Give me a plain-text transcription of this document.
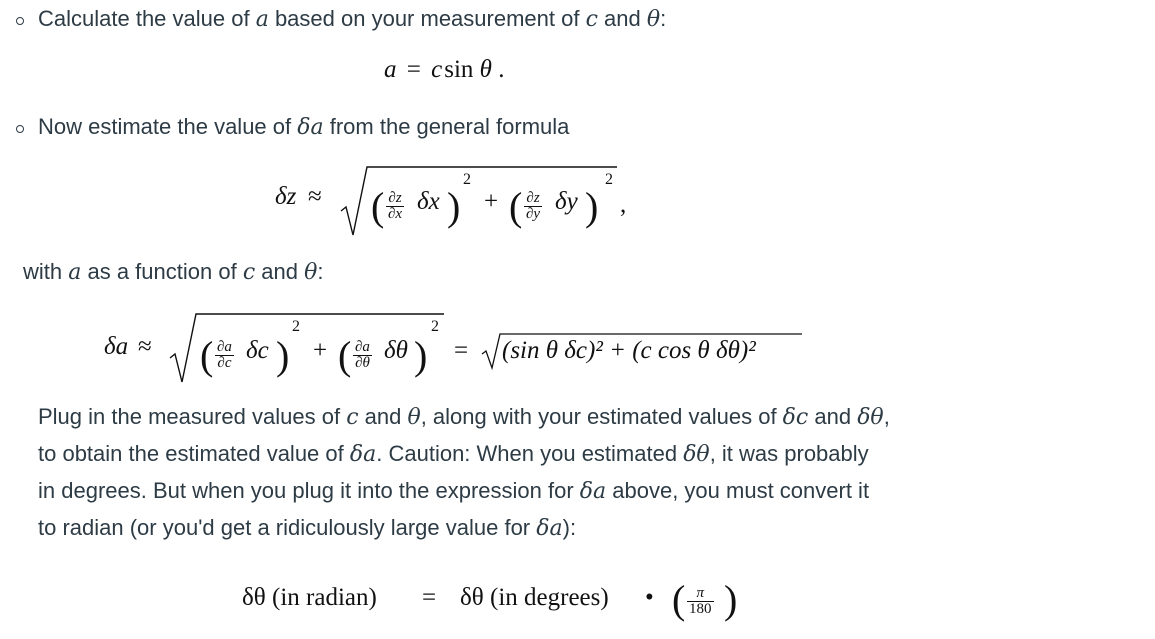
Calculate the value of a based on your measurement of c and θ:
a = csin θ .
Now estimate the value of δa from the general formula
δz ≈ ( $\frac{\partial z}{\partial x}$ δx )
2
+ ( $\frac{\partial z}{\partial y}$ δy )
2
,
with a as a function of c and θ:
δa ≈ ( $\frac{\partial a}{\partial c}$ δc )
2
+ ( $\frac{\partial a}{\partial\theta}$ δθ )
2
= (sin θ δc)² + (c cos θ δθ)²

Plug in the measured values of c and θ, along with your estimated values of δc and δθ,

to obtain the estimated value of δa. Caution: When you estimated δθ, it was probably

in degrees. But when you plug it into the expression for δa above, you must convert it

to radian (or you'd get a ridiculously large value for δa):

δθ (in radian) = δθ (in degrees) • ( $\frac{\pi}{180}$ )
